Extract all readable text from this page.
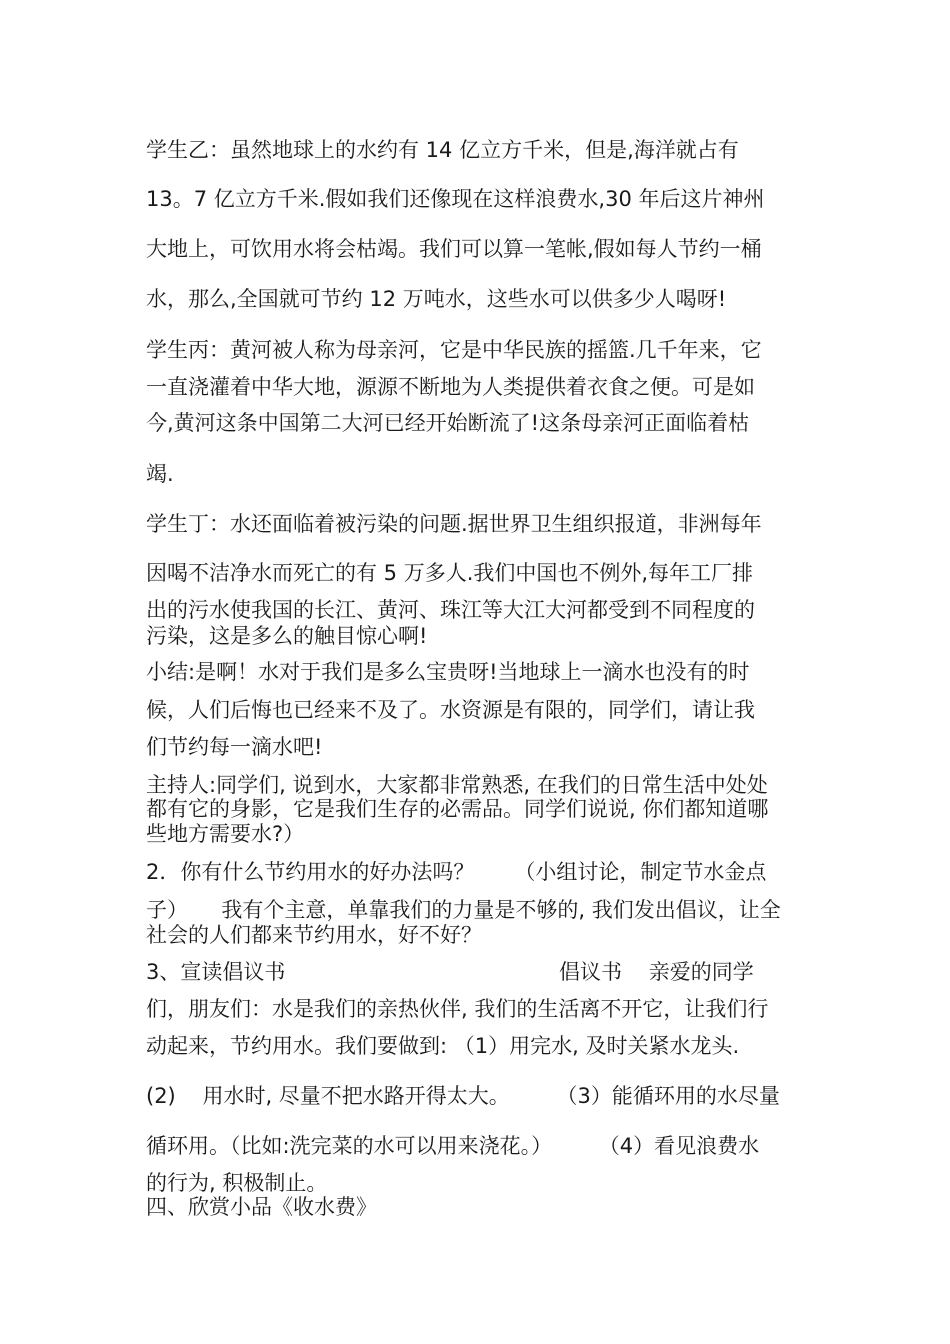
学生乙：虽然地球上的水约有 14 亿立方千米，但是,海洋就占有

13。7 亿立方千米.假如我们还像现在这样浪费水,30 年后这片神州

大地上，可饮用水将会枯竭。我们可以算一笔帐,假如每人节约一桶

水，那么,全国就可节约 12 万吨水，这些水可以供多少人喝呀!

学生丙：黄河被人称为母亲河，它是中华民族的摇篮.几千年来，它

一直浇灌着中华大地，源源不断地为人类提供着衣食之便。可是如

今,黄河这条中国第二大河已经开始断流了!这条母亲河正面临着枯

竭.

学生丁：水还面临着被污染的问题.据世界卫生组织报道，非洲每年

因喝不洁净水而死亡的有 5 万多人.我们中国也不例外,每年工厂排

出的污水使我国的长江、黄河、珠江等大江大河都受到不同程度的

污染，这是多么的触目惊心啊!

小结:是啊！水对于我们是多么宝贵呀!当地球上一滴水也没有的时

候，人们后悔也已经来不及了。水资源是有限的，同学们，请让我

们节约每一滴水吧!

主持人:同学们, 说到水，大家都非常熟悉, 在我们的日常生活中处处

都有它的身影，它是我们生存的必需品。同学们说说, 你们都知道哪

些地方需要水?）

2．你有什么节约用水的好办法吗？      （小组讨论，制定节水金点

子）     我有个主意，单靠我们的力量是不够的, 我们发出倡议，让全

社会的人们都来节约用水，好不好？

3、宣读倡议书                                         倡议书    亲爱的同学

们，朋友们：水是我们的亲热伙伴, 我们的生活离不开它，让我们行

动起来，节约用水。我们要做到: （1）用完水, 及时关紧水龙头.

(2)    用水时, 尽量不把水路开得太大。       （3）能循环用的水尽量

循环用。（比如:洗完菜的水可以用来浇花。）       （4）看见浪费水

的行为, 积极制止。

四、欣赏小品《收水费》
